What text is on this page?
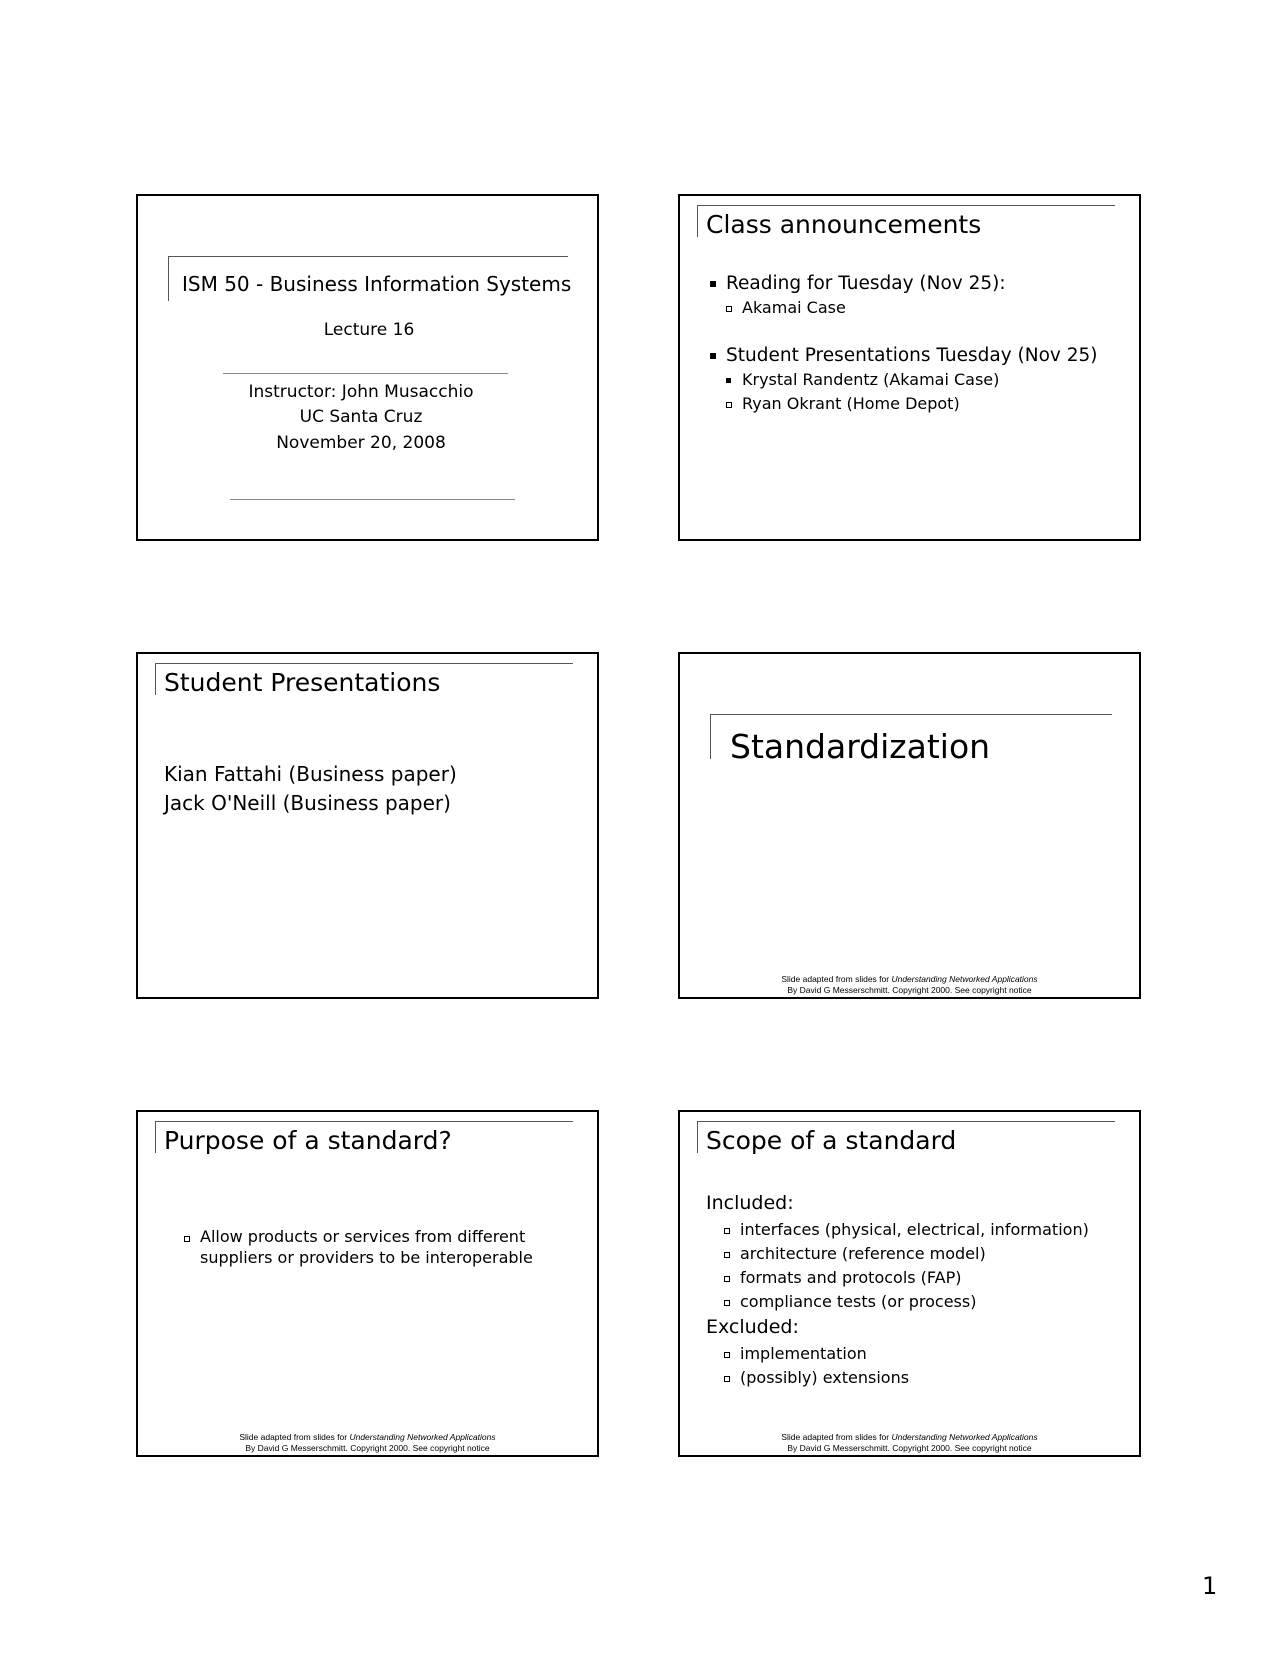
ISM 50 - Business Information Systems
Lecture 16
Instructor: John Musacchio
UC Santa Cruz
November 20, 2008
Class announcements
Reading for Tuesday (Nov 25):
Akamai Case
Student Presentations Tuesday (Nov 25)
Krystal Randentz (Akamai Case)
Ryan Okrant (Home Depot)
Student Presentations
Kian Fattahi (Business paper)
Jack O'Neill (Business paper)
Standardization
Slide adapted from slides for Understanding Networked Applications
By David G Messerschmitt. Copyright 2000. See copyright notice
Purpose of a standard?
Allow products or services from different
suppliers or providers to be interoperable
Slide adapted from slides for Understanding Networked Applications
By David G Messerschmitt. Copyright 2000. See copyright notice
Scope of a standard
Included:
interfaces (physical, electrical, information)
architecture (reference model)
formats and protocols (FAP)
compliance tests (or process)
Excluded:
implementation
(possibly) extensions
Slide adapted from slides for Understanding Networked Applications
By David G Messerschmitt. Copyright 2000. See copyright notice
1
